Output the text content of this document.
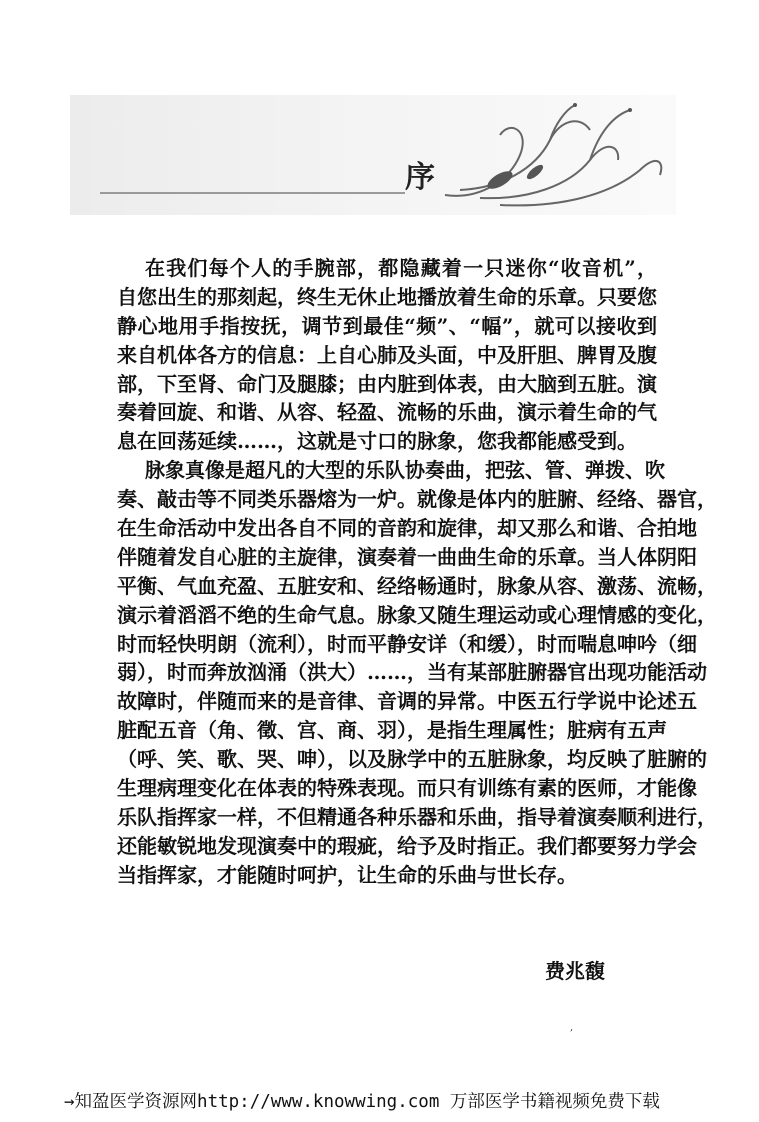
序
在我们每个人的手腕部，都隐藏着一只迷你“收音机”，
自您出生的那刻起，终生无休止地播放着生命的乐章。只要您
静心地用手指按抚，调节到最佳“频”、“幅”，就可以接收到
来自机体各方的信息：上自心肺及头面，中及肝胆、脾胃及腹
部，下至肾、命门及腿膝；由内脏到体表，由大脑到五脏。演
奏着回旋、和谐、从容、轻盈、流畅的乐曲，演示着生命的气
息在回荡延续……，这就是寸口的脉象，您我都能感受到。
脉象真像是超凡的大型的乐队协奏曲，把弦、管、弹拨、吹
奏、敲击等不同类乐器熔为一炉。就像是体内的脏腑、经络、器官，
在生命活动中发出各自不同的音韵和旋律，却又那么和谐、合拍地
伴随着发自心脏的主旋律，演奏着一曲曲生命的乐章。当人体阴阳
平衡、气血充盈、五脏安和、经络畅通时，脉象从容、激荡、流畅，
演示着滔滔不绝的生命气息。脉象又随生理运动或心理情感的变化，
时而轻快明朗（流利），时而平静安详（和缓），时而喘息呻吟（细
弱），时而奔放汹涌（洪大）……，当有某部脏腑器官出现功能活动
故障时，伴随而来的是音律、音调的异常。中医五行学说中论述五
脏配五音（角、徵、宫、商、羽），是指生理属性；脏病有五声
（呼、笑、歌、哭、呻），以及脉学中的五脏脉象，均反映了脏腑的
生理病理变化在体表的特殊表现。而只有训练有素的医师，才能像
乐队指挥家一样，不但精通各种乐器和乐曲，指导着演奏顺利进行，
还能敏锐地发现演奏中的瑕疵，给予及时指正。我们都要努力学会
当指挥家，才能随时呵护，让生命的乐曲与世长存。
费兆馥
,
→知盈医学资源网http://www.knowwing.com 万部医学书籍视频免费下载
